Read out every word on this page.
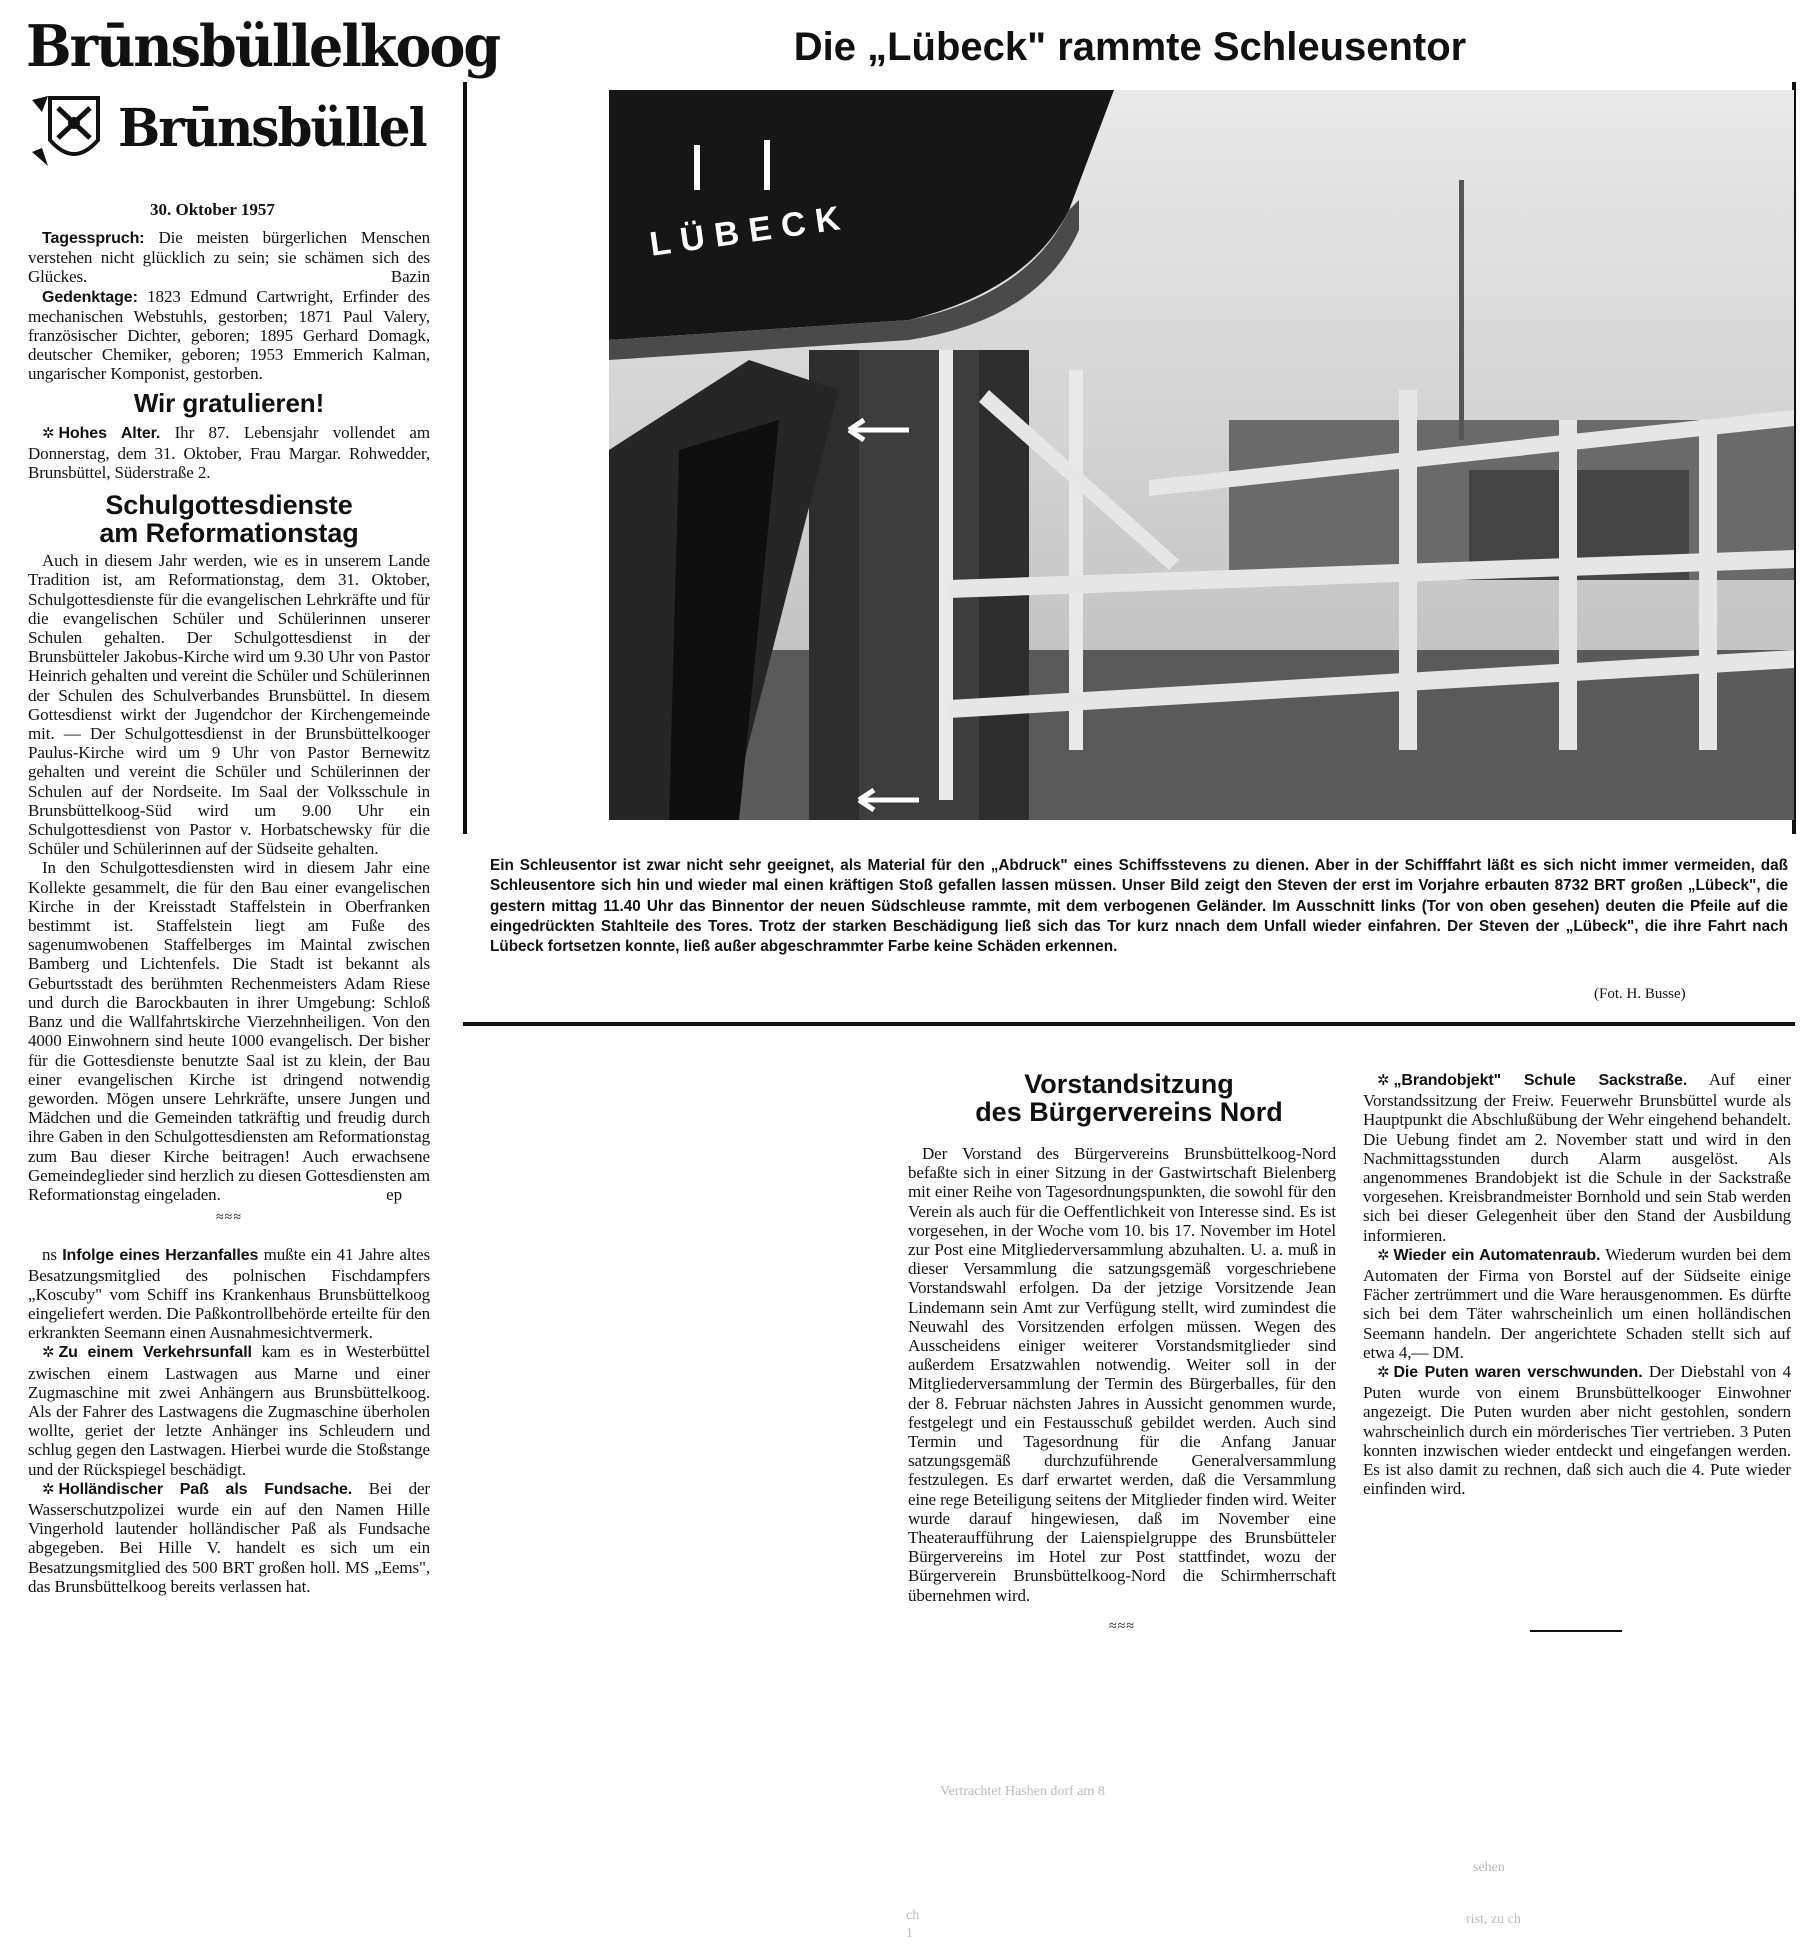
Brūnsbüllelkoog
Brūnsbüllel
30. Oktober 1957

Tagesspruch: Die meisten bürgerlichen Menschen verstehen nicht glücklich zu sein; sie schämen sich des Glückes.	Bazin

Gedenktage: 1823 Edmund Cartwright, Erfinder des mechanischen Webstuhls, gestorben; 1871 Paul Valery, französischer Dichter, geboren; 1895 Gerhard Domagk, deutscher Chemiker, geboren; 1953 Emmerich Kalman, ungarischer Komponist, gestorben.

Wir gratulieren!

✲ Hohes Alter. Ihr 87. Lebensjahr vollendet am Donnerstag, dem 31. Oktober, Frau Margar. Rohwedder, Brunsbüttel, Süderstraße 2.

Schulgottesdienste
am Reformationstag

Auch in diesem Jahr werden, wie es in unserem Lande Tradition ist, am Reformationstag, dem 31. Oktober, Schulgottesdienste für die evangelischen Lehrkräfte und für die evangelischen Schüler und Schülerinnen unserer Schulen gehalten. Der Schulgottesdienst in der Brunsbütteler Jakobus-Kirche wird um 9.30 Uhr von Pastor Heinrich gehalten und vereint die Schüler und Schülerinnen der Schulen des Schulverbandes Brunsbüttel. In diesem Gottesdienst wirkt der Jugendchor der Kirchengemeinde mit. — Der Schulgottesdienst in der Brunsbüttelkooger Paulus-Kirche wird um 9 Uhr von Pastor Bernewitz gehalten und vereint die Schüler und Schülerinnen der Schulen auf der Nordseite. Im Saal der Volksschule in Brunsbüttelkoog-Süd wird um 9.00 Uhr ein Schulgottesdienst von Pastor v. Horbatschewsky für die Schüler und Schülerinnen auf der Südseite gehalten.

In den Schulgottesdiensten wird in diesem Jahr eine Kollekte gesammelt, die für den Bau einer evangelischen Kirche in der Kreisstadt Staffelstein in Oberfranken bestimmt ist. Staffelstein liegt am Fuße des sagenumwobenen Staffelberges im Maintal zwischen Bamberg und Lichtenfels. Die Stadt ist bekannt als Geburtsstadt des berühmten Rechenmeisters Adam Riese und durch die Barockbauten in ihrer Umgebung: Schloß Banz und die Wallfahrtskirche Vierzehnheiligen. Von den 4000 Einwohnern sind heute 1000 evangelisch. Der bisher für die Gottesdienste benutzte Saal ist zu klein, der Bau einer evangelischen Kirche ist dringend notwendig geworden. Mögen unsere Lehrkräfte, unsere Jungen und Mädchen und die Gemeinden tatkräftig und freudig durch ihre Gaben in den Schulgottesdiensten am Reformationstag zum Bau dieser Kirche beitragen! Auch erwachsene Gemeindeglieder sind herzlich zu diesen Gottesdiensten am Reformationstag eingeladen.	ep

≈≈≈

ns Infolge eines Herzanfalles mußte ein 41 Jahre altes Besatzungsmitglied des polnischen Fischdampfers „Koscuby" vom Schiff ins Krankenhaus Brunsbüttelkoog eingeliefert werden. Die Paßkontrollbehörde erteilte für den erkrankten Seemann einen Ausnahmesichtvermerk.

✲ Zu einem Verkehrsunfall kam es in Westerbüttel zwischen einem Lastwagen aus Marne und einer Zugmaschine mit zwei Anhängern aus Brunsbüttelkoog. Als der Fahrer des Lastwagens die Zugmaschine überholen wollte, geriet der letzte Anhänger ins Schleudern und schlug gegen den Lastwagen. Hierbei wurde die Stoßstange und der Rückspiegel beschädigt.

✲ Holländischer Paß als Fundsache. Bei der Wasserschutzpolizei wurde ein auf den Namen Hille Vingerhold lautender holländischer Paß als Fundsache abgegeben. Bei Hille V. handelt es sich um ein Besatzungsmitglied des 500 BRT großen holl. MS „Eems", das Brunsbüttelkoog bereits verlassen hat.

Die „Lübeck" rammte Schleusentor
LÜBECK
Ein Schleusentor ist zwar nicht sehr geeignet, als Material für den „Abdruck" eines Schiffsstevens zu dienen. Aber in der Schifffahrt läßt es sich nicht immer vermeiden, daß Schleusentore sich hin und wieder mal einen kräftigen Stoß gefallen lassen müssen. Unser Bild zeigt den Steven der erst im Vorjahre erbauten 8732 BRT großen „Lübeck", die gestern mittag 11.40 Uhr das Binnentor der neuen Südschleuse rammte, mit dem verbogenen Geländer. Im Ausschnitt links (Tor von oben gesehen) deuten die Pfeile auf die eingedrückten Stahlteile des Tores. Trotz der starken Beschädigung ließ sich das Tor kurz nnach dem Unfall wieder einfahren. Der Steven der „Lübeck", die ihre Fahrt nach Lübeck fortsetzen konnte, ließ außer abgeschrammter Farbe keine Schäden erkennen.
(Fot. H. Busse)
Vorstandsitzung
des Bürgervereins Nord

Der Vorstand des Bürgervereins Brunsbüttelkoog-Nord befaßte sich in einer Sitzung in der Gastwirtschaft Bielenberg mit einer Reihe von Tagesordnungspunkten, die sowohl für den Verein als auch für die Oeffentlichkeit von Interesse sind. Es ist vorgesehen, in der Woche vom 10. bis 17. November im Hotel zur Post eine Mitgliederversammlung abzuhalten. U. a. muß in dieser Versammlung die satzungsgemäß vorgeschriebene Vorstandswahl erfolgen. Da der jetzige Vorsitzende Jean Lindemann sein Amt zur Verfügung stellt, wird zumindest die Neuwahl des Vorsitzenden erfolgen müssen. Wegen des Ausscheidens einiger weiterer Vorstandsmitglieder sind außerdem Ersatzwahlen notwendig. Weiter soll in der Mitgliederversammlung der Termin des Bürgerballes, für den der 8. Februar nächsten Jahres in Aussicht genommen wurde, festgelegt und ein Festausschuß gebildet werden. Auch sind Termin und Tagesordnung für die Anfang Januar satzungsgemäß durchzuführende Generalversammlung festzulegen. Es darf erwartet werden, daß die Versammlung eine rege Beteiligung seitens der Mitglieder finden wird. Weiter wurde darauf hingewiesen, daß im November eine Theateraufführung der Laienspielgruppe des Brunsbütteler Bürgervereins im Hotel zur Post stattfindet, wozu der Bürgerverein Brunsbüttelkoog-Nord die Schirmherrschaft übernehmen wird.

≈≈≈

✲ „Brandobjekt" Schule Sackstraße. Auf einer Vorstandssitzung der Freiw. Feuerwehr Brunsbüttel wurde als Hauptpunkt die Abschlußübung der Wehr eingehend behandelt. Die Uebung findet am 2. November statt und wird in den Nachmittagsstunden durch Alarm ausgelöst. Als angenommenes Brandobjekt ist die Schule in der Sackstraße vorgesehen. Kreisbrandmeister Bornhold und sein Stab werden sich bei dieser Gelegenheit über den Stand der Ausbildung informieren.

✲ Wieder ein Automatenraub. Wiederum wurden bei dem Automaten der Firma von Borstel auf der Südseite einige Fächer zertrümmert und die Ware herausgenommen. Es dürfte sich bei dem Täter wahrscheinlich um einen holländischen Seemann handeln. Der angerichtete Schaden stellt sich auf etwa 4,— DM.

✲ Die Puten waren verschwunden. Der Diebstahl von 4 Puten wurde von einem Brunsbüttelkooger Einwohner angezeigt. Die Puten wurden aber nicht gestohlen, sondern wahrscheinlich durch ein mörderisches Tier vertrieben. 3 Puten konnten inzwischen wieder entdeckt und eingefangen werden. Es ist also damit zu rechnen, daß sich auch die 4. Pute wieder einfinden wird.

Vertrachtet Hashen dorf am 8
ch
1
sehen
rist, zu ch
